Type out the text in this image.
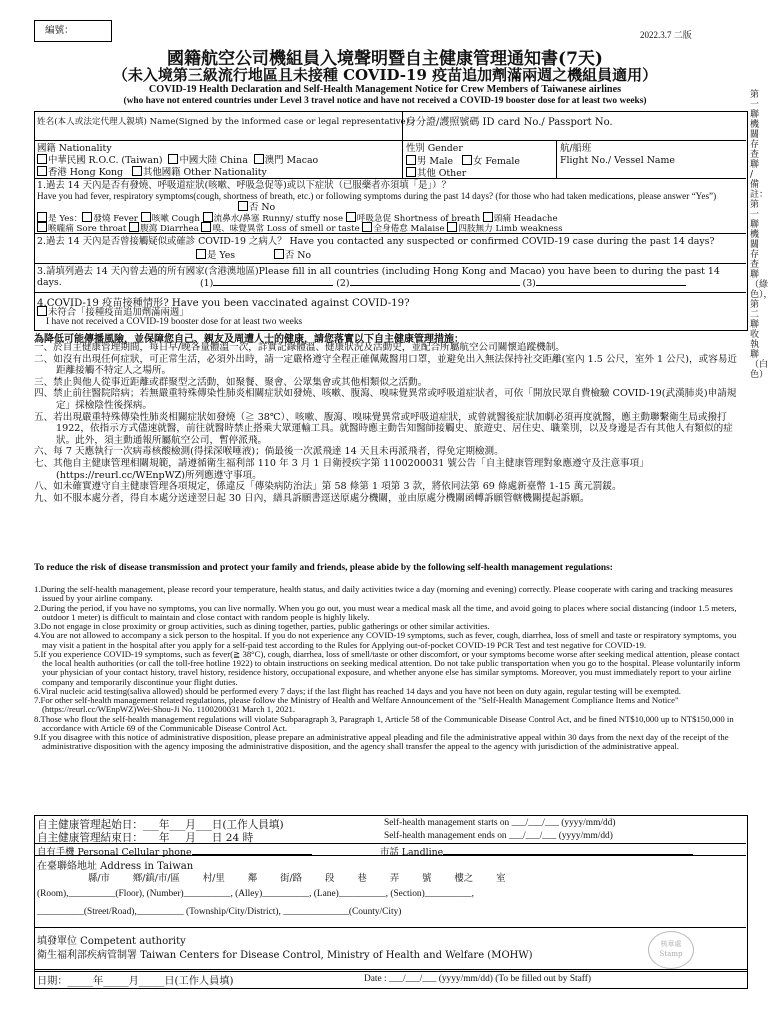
編號：	2022.3.7 二版
國籍航空公司機組員入境聲明暨自主健康管理通知書(7天)
（未入境第三級流行地區且未接種 COVID-19 疫苗追加劑滿兩週之機組員適用）
COVID-19 Health Declaration and Self-Health Management Notice for Crew Members of Taiwanese airlines
(who have not entered countries under Level 3 travel notice and have not received a COVID-19 booster dose for at least two weeks)
第一聯 機關存查聯 / 備註：第一聯 機關存查聯（綠色），第二聯 收執聯（白色）
姓名(本人或法定代理人親填) Name(Signed by the informed case or legal representative)
身分證/護照號碼 ID card No./ Passport No.
國籍 Nationality
中華民國 R.O.C. (Taiwan) 中國大陸 China 澳門 Macao
香港 Hong Kong 其他國籍 Other Nationality
性別 Gender
男 Male 女 Female
其他 Other
航/船班
Flight No./ Vessel Name
1.過去 14 天內是否有發燒、呼吸道症狀(咳嗽、呼吸急促等)或以下症狀（已服藥者亦須填「是」）？
Have you had fever, respiratory symptoms(cough, shortness of breath, etc.) or following symptoms during the past 14 days? (for those who had taken medications, please answer “Yes”)
否 No
是 Yes： 發燒 Fever 咳嗽 Cough 流鼻水/鼻塞 Runny/ stuffy nose 呼吸急促 Shortness of breath 頭痛 Headache
喉嚨痛 Sore throat 腹瀉 Diarrhea 嗅、味覺異常 Loss of smell or taste 全身倦怠 Malaise 四肢無力 Limb weakness
2.過去 14 天內是否曾接觸疑似或確診 COVID-19 之病人？ Have you contacted any suspected or confirmed COVID-19 case during the past 14 days?
是 Yes	否 No
3.請填列過去 14 天內曾去過的所有國家(含港澳地區)Please fill in all countries (including Hong Kong and Macao) you have been to during the past 14 days.	(1)	(2)	(3)
4.COVID-19 疫苗接種情形? Have you been vaccinated against COVID-19?
未符合「接種疫苗追加劑滿兩週」
I have not received a COVID-19 booster dose for at least two weeks
為降低可能傳播風險，並保障您自己、親友及周遭人士的健康，請您落實以下自主健康管理措施：
一、於自主健康管理期間，每日早/晚各量體溫一次，詳實記錄體溫、健康狀況及活動史，並配合所屬航空公司關懷追蹤機制。
二、如沒有出現任何症狀，可正常生活，必須外出時，請一定嚴格遵守全程正確佩戴醫用口罩，並避免出入無法保持社交距離(室內 1.5 公尺，室外 1 公尺)，或容易近距離接觸不特定人之場所。
三、禁止與他人從事近距離或群聚型之活動，如聚餐、聚會、公眾集會或其他相類似之活動。
四、禁止前往醫院陪病；若無嚴重特殊傳染性肺炎相關症狀如發燒、咳嗽、腹瀉、嗅味覺異常或呼吸道症狀者，可依「開放民眾自費檢驗 COVID-19(武漢肺炎)申請規定」採檢陰性後探病。
五、若出現嚴重特殊傳染性肺炎相關症狀如發燒（≧ 38℃）、咳嗽、腹瀉、嗅味覺異常或呼吸道症狀，或曾就醫後症狀加劇必須再度就醫，應主動聯繫衛生局或撥打 1922，依指示方式儘速就醫，前往就醫時禁止搭乘大眾運輸工具。就醫時應主動告知醫師接觸史、旅遊史、居住史、職業別，以及身邊是否有其他人有類似的症狀。此外，須主動通報所屬航空公司，暫停派飛。
六、每 7 天應執行一次病毒核酸檢測(得採深喉唾液)；倘最後一次派飛達 14 天且未再派飛者，得免定期檢測。
七、其他自主健康管理相關規範，請遵循衛生福利部 110 年 3 月 1 日衛授疾字第 1100200031 號公告「自主健康管理對象應遵守及注意事項」(https://reurl.cc/WEnpWZ)所列應遵守事項。
八、如未確實遵守自主健康管理各項規定，係違反「傳染病防治法」第 58 條第 1 項第 3 款，將依同法第 69 條處新臺幣 1-15 萬元罰鍰。
九、如不服本處分者，得自本處分送達翌日起 30 日內，繕具訴願書逕送原處分機關，並由原處分機關函轉訴願管轄機關提起訴願。
To reduce the risk of disease transmission and protect your family and friends, please abide by the following self-health management regulations:
1.During the self-health management, please record your temperature, health status, and daily activities twice a day (morning and evening) correctly. Please cooperate with caring and tracking measures issued by your airline company.
2.During the period, if you have no symptoms, you can live normally. When you go out, you must wear a medical mask all the time, and avoid going to places where social distancing (indoor 1.5 meters, outdoor 1 meter) is difficult to maintain and close contact with random people is highly likely.
3.Do not engage in close proximity or group activities, such as dining together, parties, public gatherings or other similar activities.
4.You are not allowed to accompany a sick person to the hospital. If you do not experience any COVID-19 symptoms, such as fever, cough, diarrhea, loss of smell and taste or respiratory symptoms, you may visit a patient in the hospital after you apply for a self-paid test according to the Rules for Applying out-of-pocket COVID-19 PCR Test and test negative for COVID-19.
5.If you experience COVID-19 symptoms, such as fever(≧ 38°C), cough, diarrhea, loss of smell/taste or other discomfort, or your symptoms become worse after seeking medical attention, please contact the local health authorities (or call the toll-free hotline 1922) to obtain instructions on seeking medical attention. Do not take public transportation when you go to the hospital. Please voluntarily inform your physician of your contact history, travel history, residence history, occupational exposure, and whether anyone else has similar symptoms. Moreover, you must immediately report to your airline company and temporarily discontinue your flight duties.
6.Viral nucleic acid testing(saliva allowed) should be performed every 7 days; if the last flight has reached 14 days and you have not been on duty again, regular testing will be exempted.
7.For other self-health management related regulations, please follow the Ministry of Health and Welfare Announcement of the "Self-Health Management Compliance Items and Notice" (https://reurl.cc/WEnpWZ)Wei-Shou-Ji No. 1100200031 March 1, 2021.
8.Those who flout the self-health management regulations will violate Subparagraph 3, Paragraph 1, Article 58 of the Communicable Disease Control Act, and be fined NT$10,000 up to NT$150,000 in accordance with Article 69 of the Communicable Disease Control Act.
9.If you disagree with this notice of administrative disposition, please prepare an administrative appeal pleading and file the administrative appeal within 30 days from the next day of the receipt of the administrative disposition with the agency imposing the administrative disposition, and the agency shall transfer the appeal to the agency with jurisdiction of the administrative appeal.
自主健康管理起始日：___年___月___日(工作人員填)
自主健康管理結束日：___年___月___日 24 時
Self-health management starts on ___/___/___ (yyyy/mm/dd)
Self-health management ends on ___/___/___ (yyyy/mm/dd)
自有手機 Personal Cellular phone	市話 Landline
在臺聯絡地址 Address in Taiwan
縣/市 鄉/鎮/市/區 村/里 鄰 街/路 段 巷 弄 號 樓之 室
(Room),__________(Floor), (Number)__________, (Alley)__________, (Lane)__________, (Section)__________,
__________(Street/Road),__________ (Township/City/District), ______________(County/City)
填發單位 Competent authority
衛生福利部疾病管制署 Taiwan Centers for Disease Control, Ministry of Health and Welfare (MOHW)
核章處
Stamp
日期：_____年_____月_____日(工作人員填)	Date : ___/___/___ (yyyy/mm/dd) (To be filled out by Staff)
